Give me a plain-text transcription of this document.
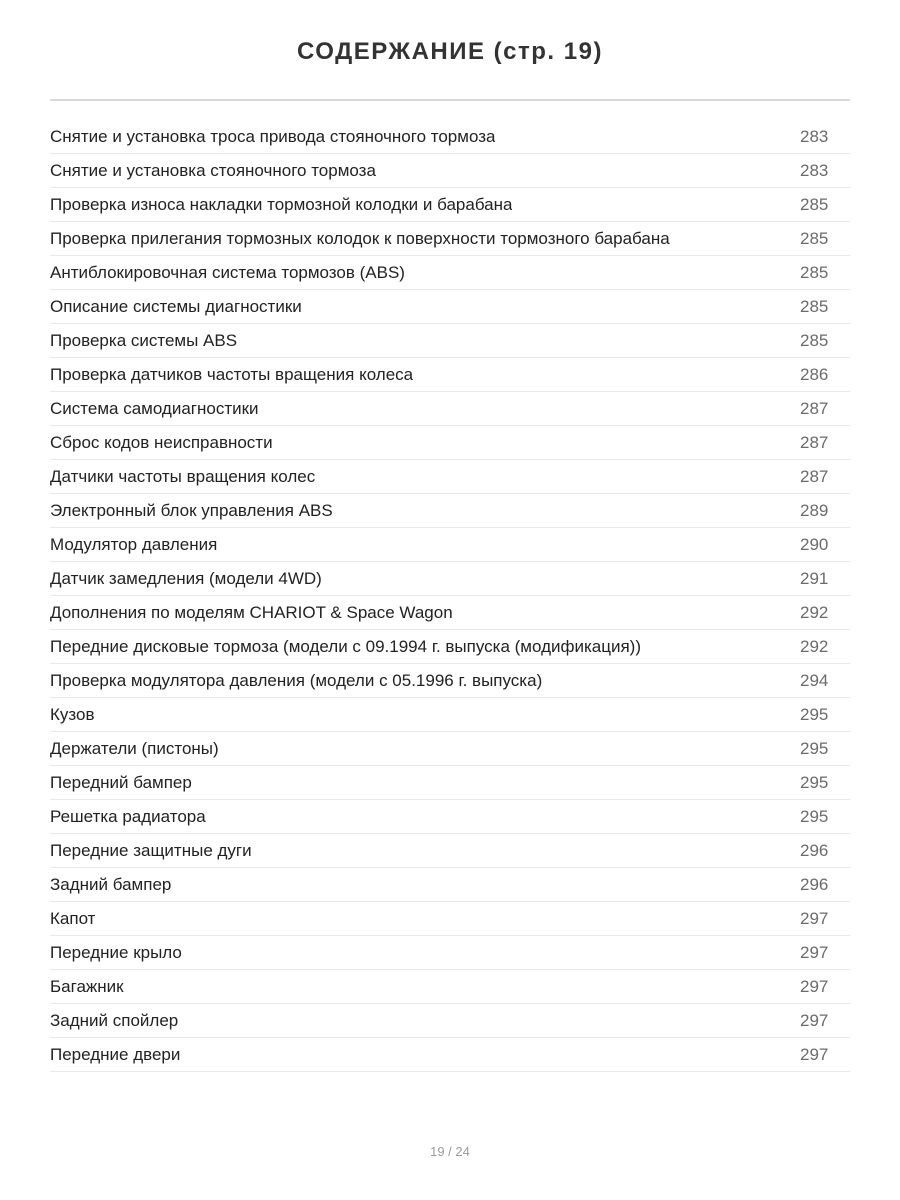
СОДЕРЖАНИЕ (стр. 19)
Снятие и установка троса привода стояночного тормоза	283
Снятие и установка стояночного тормоза	283
Проверка износа накладки тормозной колодки и барабана	285
Проверка прилегания тормозных колодок к поверхности тормозного барабана	285
Антиблокировочная система тормозов (ABS)	285
Описание системы диагностики	285
Проверка системы ABS	285
Проверка датчиков частоты вращения колеса	286
Система самодиагностики	287
Сброс кодов неисправности	287
Датчики частоты вращения колес	287
Электронный блок управления ABS	289
Модулятор давления	290
Датчик замедления (модели 4WD)	291
Дополнения по моделям CHARIOT & Space Wagon	292
Передние дисковые тормоза (модели с 09.1994 г. выпуска (модификация))	292
Проверка модулятора давления (модели с 05.1996 г. выпуска)	294
Кузов	295
Держатели (пистоны)	295
Передний бампер	295
Решетка радиатора	295
Передние защитные дуги	296
Задний бампер	296
Капот	297
Передние крыло	297
Багажник	297
Задний спойлер	297
Передние двери	297
19 / 24
